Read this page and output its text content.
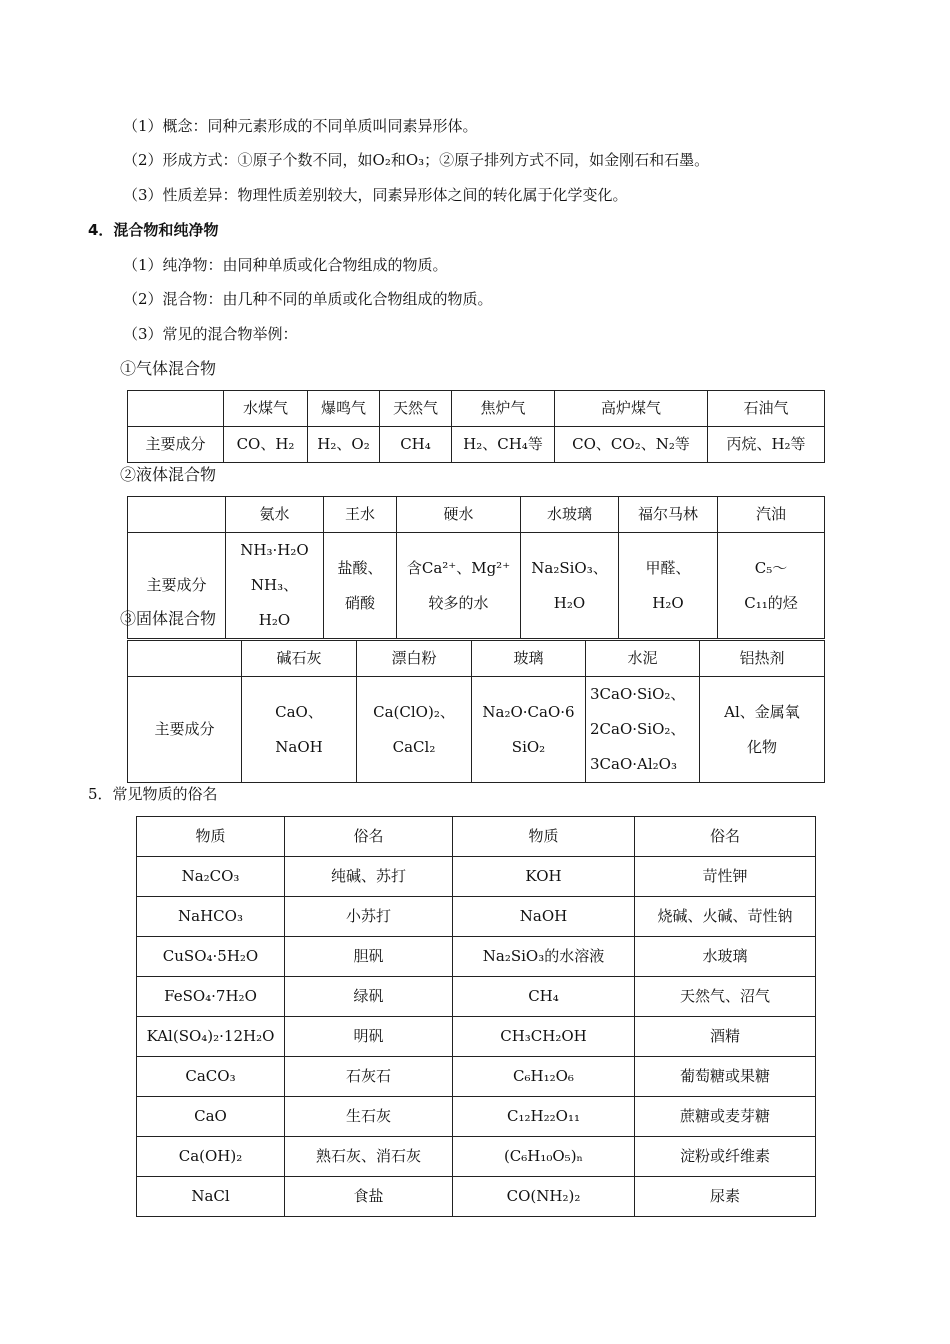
（1）概念：同种元素形成的不同单质叫同素异形体。
（2）形成方式：①原子个数不同，如O₂和O₃；②原子排列方式不同，如金刚石和石墨。
（3）性质差异：物理性质差别较大，同素异形体之间的转化属于化学变化。
4．混合物和纯净物
（1）纯净物：由同种单质或化合物组成的物质。
（2）混合物：由几种不同的单质或化合物组成的物质。
（3）常见的混合物举例：
①气体混合物
	水煤气	爆鸣气	天然气	焦炉气	高炉煤气	石油气
主要成分	CO、H₂	H₂、O₂	CH₄	H₂、CH₄等	CO、CO₂、N₂等	丙烷、H₂等
②液体混合物
	氨水	王水	硬水	水玻璃	福尔马林	汽油
主要成分	NH₃·H₂O NH₃、H₂O	盐酸、硝酸	含Ca²⁺、Mg²⁺较多的水	Na₂SiO₃、H₂O	甲醛、H₂O	C₅～C₁₁的烃
③固体混合物
	碱石灰	漂白粉	玻璃	水泥	铝热剂
主要成分	CaO、NaOH	Ca(ClO)₂、CaCl₂	Na₂O·CaO·6SiO₂	3CaO·SiO₂、2CaO·SiO₂、3CaO·Al₂O₃	Al、金属氧化物
5．常见物质的俗名
物质	俗名	物质	俗名
Na₂CO₃	纯碱、苏打	KOH	苛性钾
NaHCO₃	小苏打	NaOH	烧碱、火碱、苛性钠
CuSO₄·5H₂O	胆矾	Na₂SiO₃的水溶液	水玻璃
FeSO₄·7H₂O	绿矾	CH₄	天然气、沼气
KAl(SO₄)₂·12H₂O	明矾	CH₃CH₂OH	酒精
CaCO₃	石灰石	C₆H₁₂O₆	葡萄糖或果糖
CaO	生石灰	C₁₂H₂₂O₁₁	蔗糖或麦芽糖
Ca(OH)₂	熟石灰、消石灰	(C₆H₁₀O₅)ₙ	淀粉或纤维素
NaCl	食盐	CO(NH₂)₂	尿素
